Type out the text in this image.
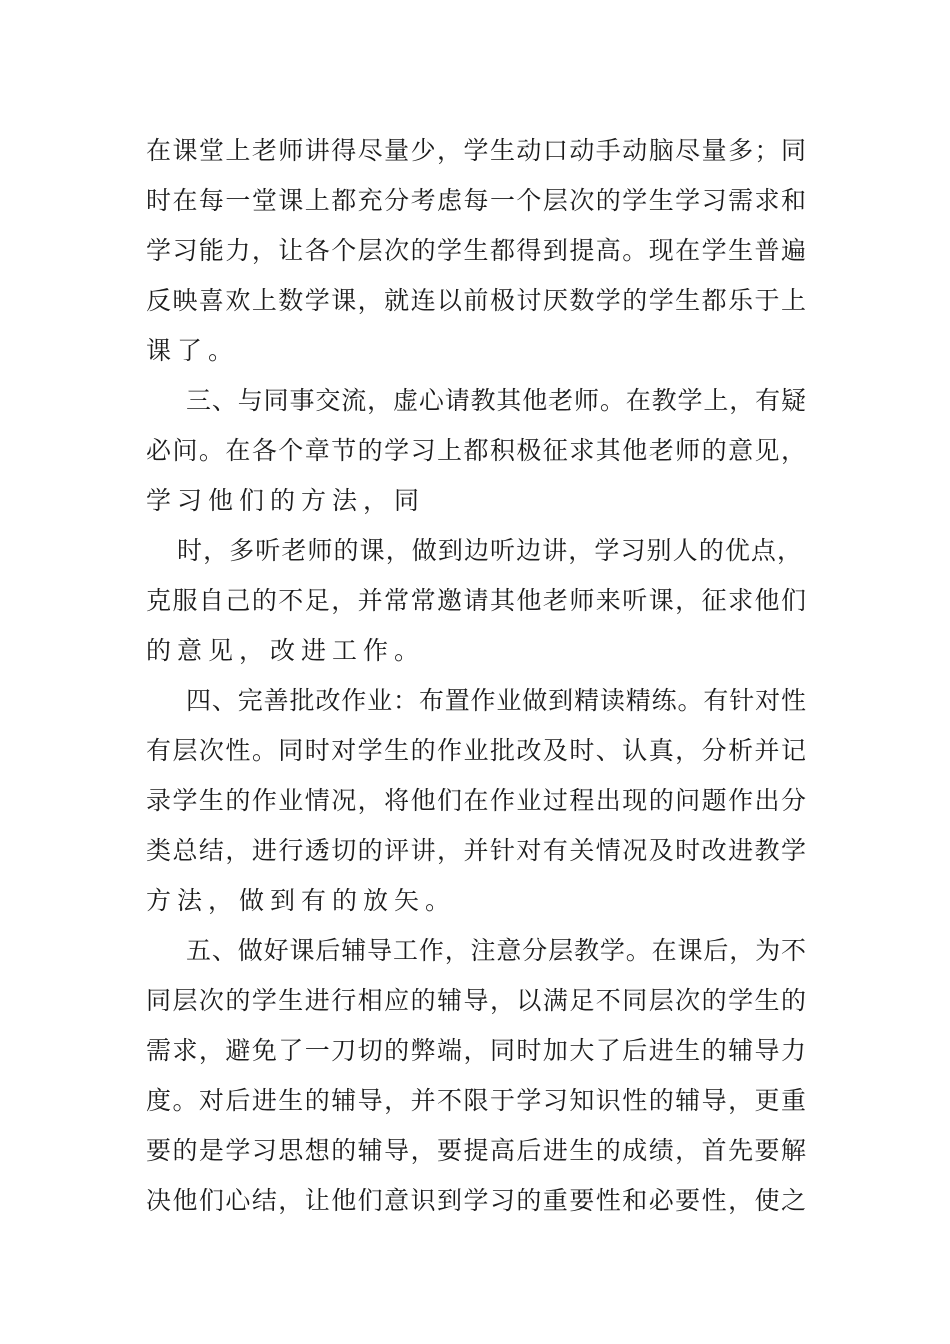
在课堂上老师讲得尽量少，学生动口动手动脑尽量多；同
时在每一堂课上都充分考虑每一个层次的学生学习需求和
学习能力，让各个层次的学生都得到提高。现在学生普遍
反映喜欢上数学课，就连以前极讨厌数学的学生都乐于上
课了。
三、与同事交流，虚心请教其他老师。在教学上，有疑
必问。在各个章节的学习上都积极征求其他老师的意见，
学习他们的方法，同
时，多听老师的课，做到边听边讲，学习别人的优点，
克服自己的不足，并常常邀请其他老师来听课，征求他们
的意见，改进工作。
四、完善批改作业：布置作业做到精读精练。有针对性
有层次性。同时对学生的作业批改及时、认真，分析并记
录学生的作业情况，将他们在作业过程出现的问题作出分
类总结，进行透切的评讲，并针对有关情况及时改进教学
方法，做到有的放矢。
五、做好课后辅导工作，注意分层教学。在课后，为不
同层次的学生进行相应的辅导，以满足不同层次的学生的
需求，避免了一刀切的弊端，同时加大了后进生的辅导力
度。对后进生的辅导，并不限于学习知识性的辅导，更重
要的是学习思想的辅导，要提高后进生的成绩，首先要解
决他们心结，让他们意识到学习的重要性和必要性，使之
